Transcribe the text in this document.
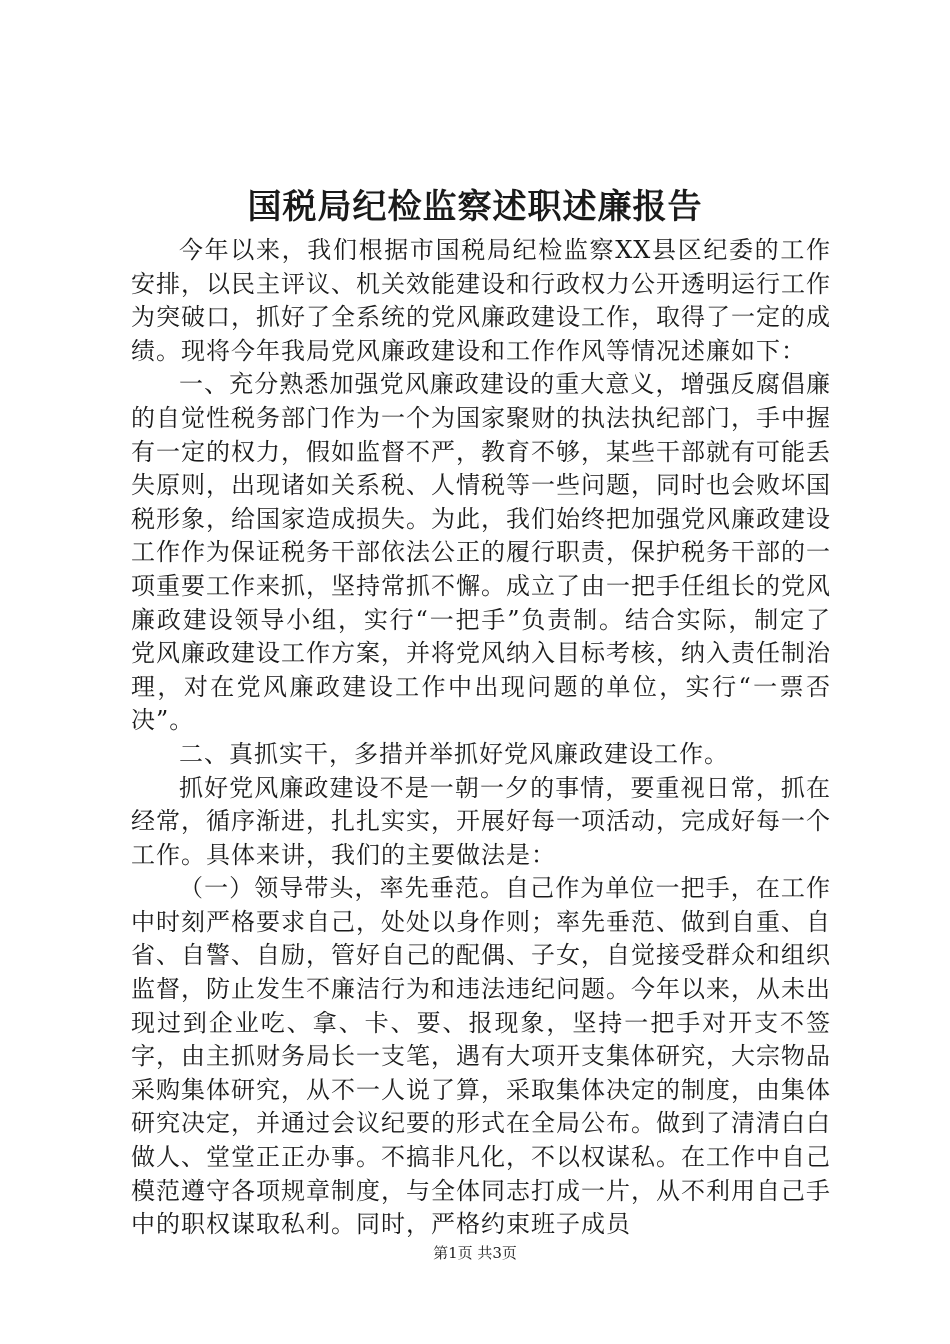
国税局纪检监察述职述廉报告

今年以来，我们根据市国税局纪检监察XX县区纪委的工作安排，以民主评议、机关效能建设和行政权力公开透明运行工作为突破口，抓好了全系统的党风廉政建设工作，取得了一定的成绩。现将今年我局党风廉政建设和工作作风等情况述廉如下：

一、充分熟悉加强党风廉政建设的重大意义，增强反腐倡廉的自觉性税务部门作为一个为国家聚财的执法执纪部门，手中握有一定的权力，假如监督不严，教育不够，某些干部就有可能丢失原则，出现诸如关系税、人情税等一些问题，同时也会败坏国税形象，给国家造成损失。为此，我们始终把加强党风廉政建设工作作为保证税务干部依法公正的履行职责，保护税务干部的一项重要工作来抓，坚持常抓不懈。成立了由一把手任组长的党风廉政建设领导小组，实行“一把手”负责制。结合实际，制定了党风廉政建设工作方案，并将党风纳入目标考核，纳入责任制治理，对在党风廉政建设工作中出现问题的单位，实行“一票否决”。

二、真抓实干，多措并举抓好党风廉政建设工作。

抓好党风廉政建设不是一朝一夕的事情，要重视日常，抓在经常，循序渐进，扎扎实实，开展好每一项活动，完成好每一个工作。具体来讲，我们的主要做法是：

（一）领导带头，率先垂范。自己作为单位一把手，在工作中时刻严格要求自己，处处以身作则；率先垂范、做到自重、自省、自警、自励，管好自己的配偶、子女，自觉接受群众和组织监督，防止发生不廉洁行为和违法违纪问题。今年以来，从未出现过到企业吃、拿、卡、要、报现象，坚持一把手对开支不签字，由主抓财务局长一支笔，遇有大项开支集体研究，大宗物品采购集体研究，从不一人说了算，采取集体决定的制度，由集体研究决定，并通过会议纪要的形式在全局公布。做到了清清白白做人、堂堂正正办事。不搞非凡化，不以权谋私。在工作中自己模范遵守各项规章制度，与全体同志打成一片，从不利用自己手中的职权谋取私利。同时，严格约束班子成员

第1页 共3页
